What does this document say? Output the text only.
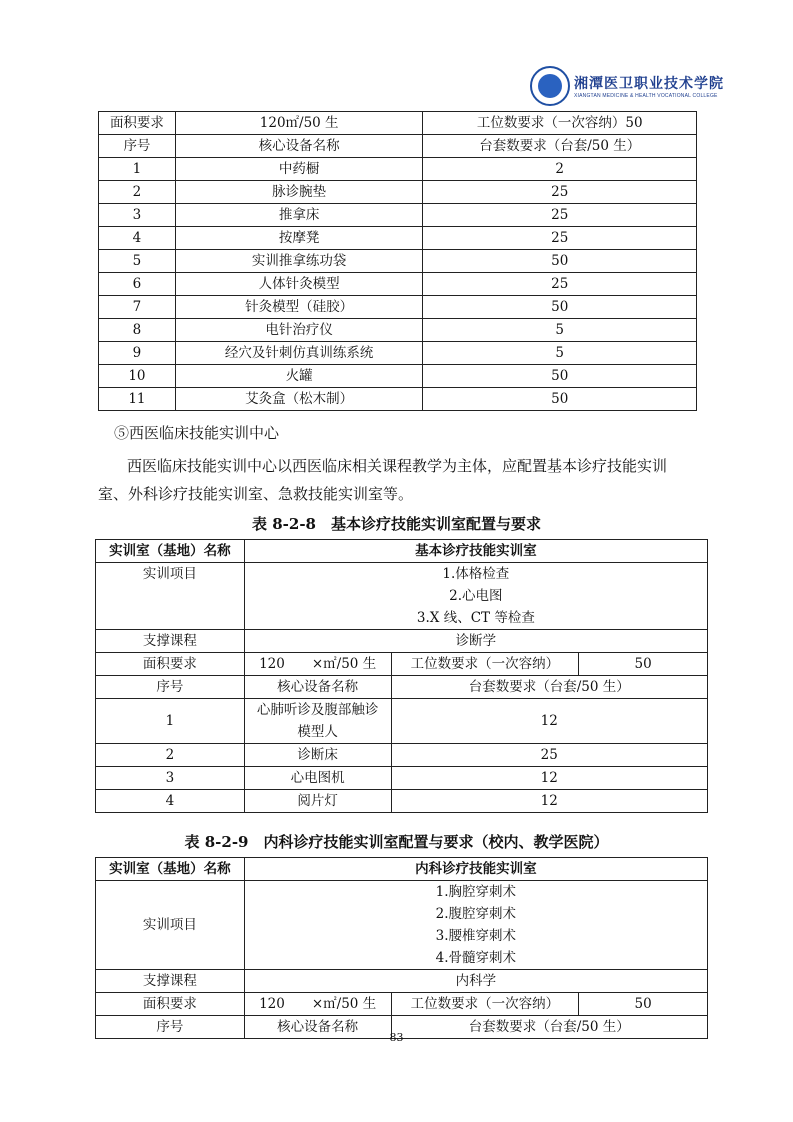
湘潭医卫职业技术学院
XIANGTAN MEDICINE & HEALTH VOCATIONAL COLLEGE
面积要求	120㎡/50 生	工位数要求（一次容纳）50
序号	核心设备名称	台套数要求（台套/50 生）
1	中药橱	2
2	脉诊腕垫	25
3	推拿床	25
4	按摩凳	25
5	实训推拿练功袋	50
6	人体针灸模型	25
7	针灸模型（硅胶）	50
8	电针治疗仪	5
9	经穴及针刺仿真训练系统	5
10	火罐	50
11	艾灸盒（松木制）	50
⑤西医临床技能实训中心
西医临床技能实训中心以西医临床相关课程教学为主体，应配置基本诊疗技能实训
室、外科诊疗技能实训室、急救技能实训室等。
表 8-2-8　基本诊疗技能实训室配置与要求
实训室（基地）名称	基本诊疗技能实训室		
实训项目	1.体格检查
2.心电图
3.X 线、CT 等检查		

支撑课程	诊断学		
面积要求	120　　×㎡/50 生	工位数要求（一次容纳）	50
序号	核心设备名称	台套数要求（台套/50 生）	
1	心肺听诊及腹部触诊模型人	12	
2	诊断床	25	
3	心电图机	12	
4	阅片灯	12	
表 8-2-9　内科诊疗技能实训室配置与要求（校内、教学医院）
实训室（基地）名称	内科诊疗技能实训室		
实训项目	1.胸腔穿刺术
2.腹腔穿刺术
3.腰椎穿刺术
4.骨髓穿刺术		

支撑课程	内科学		
面积要求	120　　×㎡/50 生	工位数要求（一次容纳）	50
序号	核心设备名称	台套数要求（台套/50 生）	
83
